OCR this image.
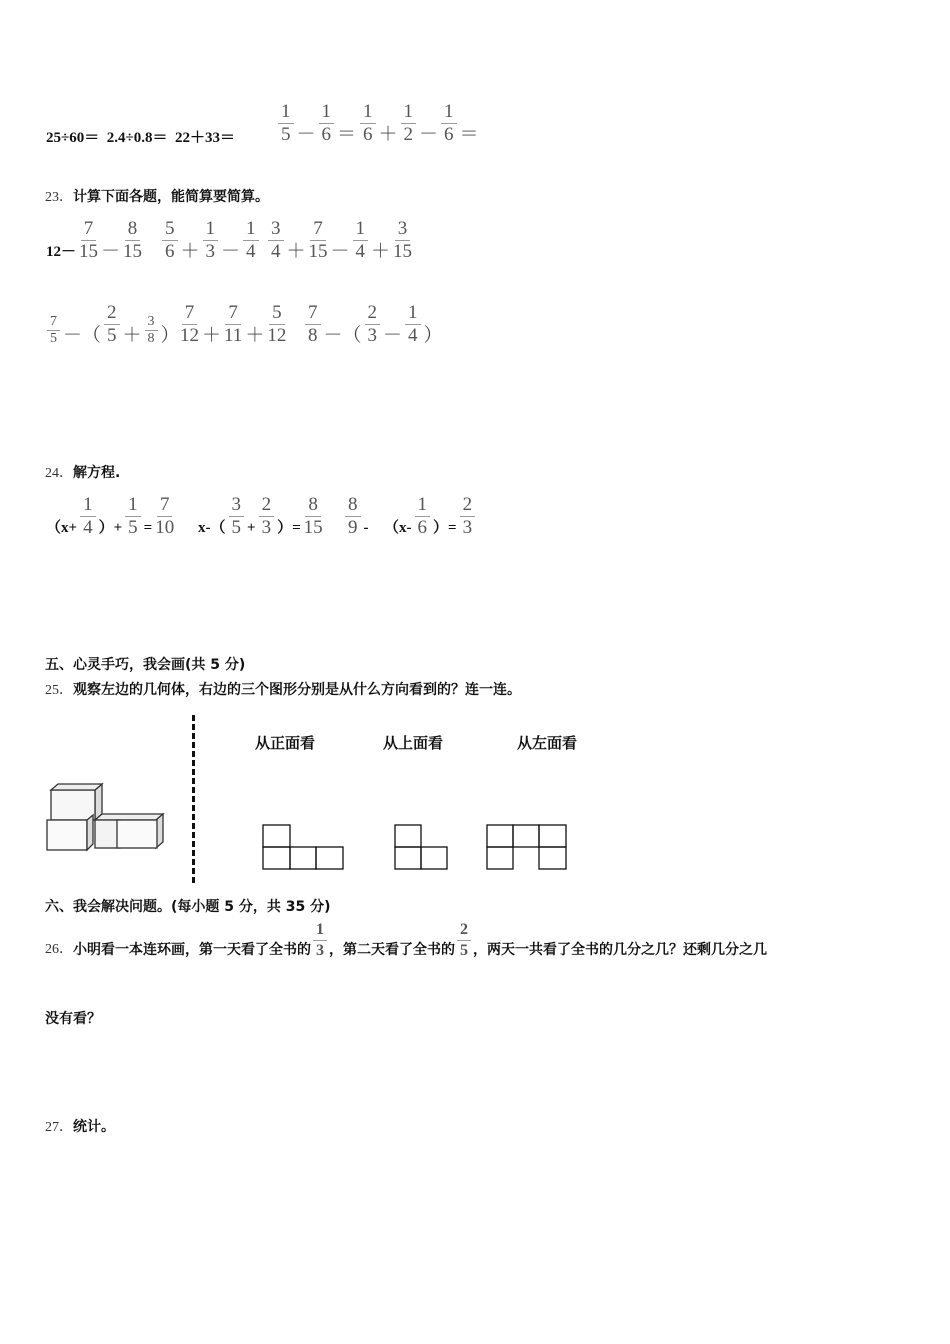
$25\div 60= 2.4\div 0.8= 22+33= \frac{1}{5} - \frac{1}{6} = \frac{1}{6} + \frac{1}{2} - \frac{1}{6}$ ＝
23．计算下面各题，能简算要简算。
$12- \frac{7}{15} - \frac{8}{15} \frac{5}{6} + \frac{1}{3} - \frac{1}{4} \frac{3}{4} + \frac{7}{15} - \frac{1}{4} + \frac{3}{15}$
$\frac{7}{5}$ －（ $\frac{2}{5} + \frac{3}{8}$ ）
$\frac{7}{12} + \frac{7}{11} + \frac{5}{12} \frac{7}{8}$ －（ $\frac{2}{3} - \frac{1}{4}$ ）
24．解方程.
（$x+ \frac{1}{4}$ ）+ $\frac{1}{5} = \frac{7}{10} x-( \frac{3}{5} + \frac{2}{3}$ ）= $\frac{8}{15} \frac{8}{9} - (x- \frac{1}{6}$ ）= $\frac{2}{3}$
五、心灵手巧，我会画(共 5 分)
25．观察左边的几何体，右边的三个图形分别是从什么方向看到的？连一连。
从正面看	从上面看	从左面看
六、我会解决问题。(每小题 5 分，共 35 分)
26． 小明看一本连环画，第一天看了全书的 $\frac{1}{3}$ ，第二天看了全书的 $\frac{2}{5}$ ，两天一共看了全书的几分之几？还剩几分之几
没有看？
27．统计。
